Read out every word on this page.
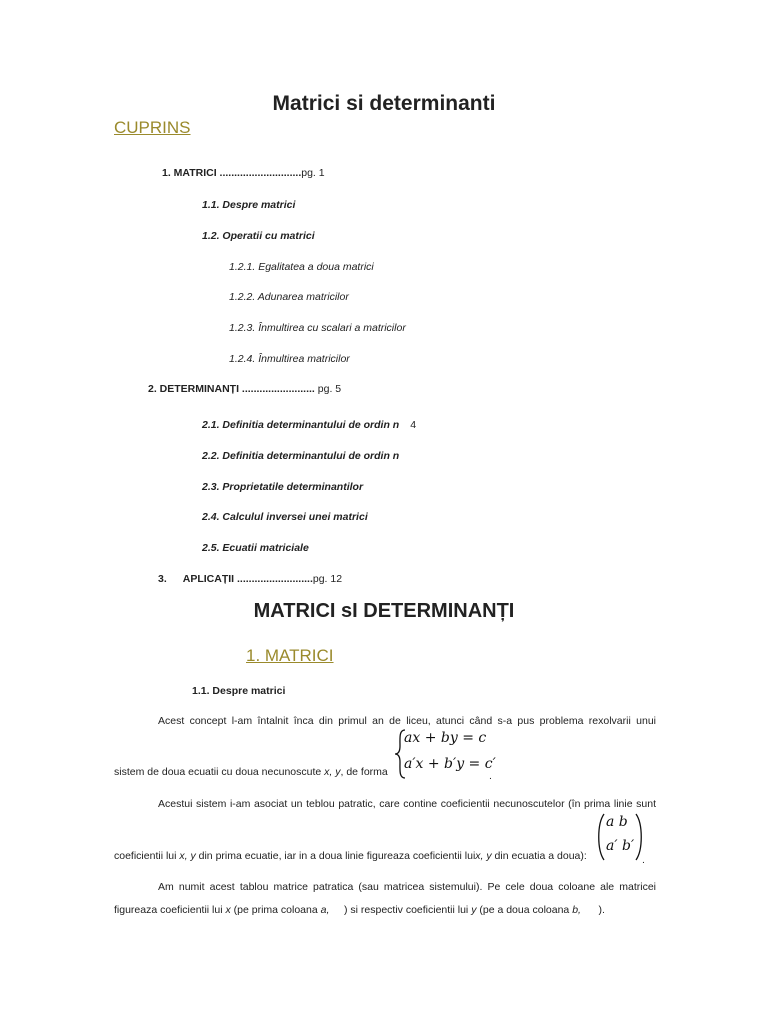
Matrici si determinanti
CUPRINS
1. MATRICI ............................pg. 1
1.1. Despre matrici
1.2. Operatii cu matrici
1.2.1. Egalitatea a doua matrici
1.2.2. Adunarea matricilor
1.2.3. Înmultirea cu scalari a matricilor
1.2.4. Înmultirea matricilor
2. DETERMINANȚI ......................... pg. 5
2.1. Definitia determinantului de ordin n 4
2.2. Definitia determinantului de ordin n
2.3. Proprietatile determinantilor
2.4. Calculul inversei unei matrici
2.5. Ecuatii matriciale
3. APLICAȚII ..........................pg. 12
MATRICI sI DETERMINANȚI
1. MATRICI
1.1. Despre matrici
Acest concept l-am întalnit înca din primul an de liceu, atunci când s-a pus problema rexolvarii unui
ax + by = c
a′x + b′y = c′
sistem de doua ecuatii cu doua necunoscute x, y, de forma	.
Acestui sistem i-am asociat un teblou patratic, care contine coeficientii necunoscutelor (în prima linie sunt
a b
a′ b′
coeficientii lui x, y din prima ecuatie, iar in a doua linie figureaza coeficientii luix, y din ecuatia a doua):	.
Am numit acest tablou matrice patratica (sau matricea sistemului). Pe cele doua coloane ale matricei
figureaza coeficientii lui x (pe prima coloana a,     ) si respectiv coeficientii lui y (pe a doua coloana b,      ).
